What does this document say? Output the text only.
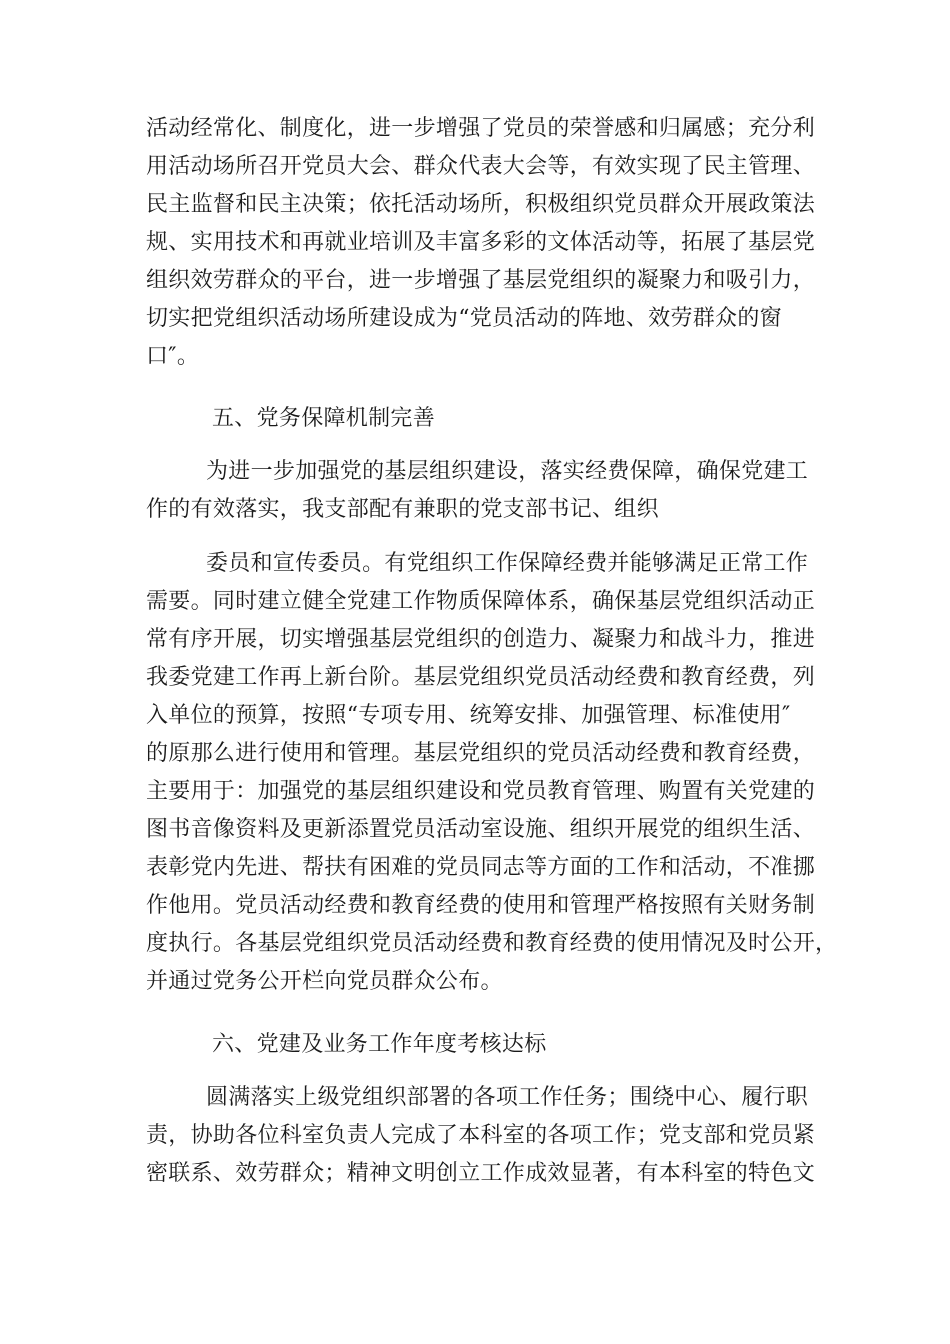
活动经常化、制度化，进一步增强了党员的荣誉感和归属感；充分利
用活动场所召开党员大会、群众代表大会等，有效实现了民主管理、
民主监督和民主决策；依托活动场所，积极组织党员群众开展政策法
规、实用技术和再就业培训及丰富多彩的文体活动等，拓展了基层党
组织效劳群众的平台，进一步增强了基层党组织的凝聚力和吸引力，
切实把党组织活动场所建设成为“党员活动的阵地、效劳群众的窗
口″。
五、党务保障机制完善
为进一步加强党的基层组织建设，落实经费保障，确保党建工
作的有效落实，我支部配有兼职的党支部书记、组织
委员和宣传委员。有党组织工作保障经费并能够满足正常工作
需要。同时建立健全党建工作物质保障体系，确保基层党组织活动正
常有序开展，切实增强基层党组织的创造力、凝聚力和战斗力，推进
我委党建工作再上新台阶。基层党组织党员活动经费和教育经费，列
入单位的预算，按照“专项专用、统筹安排、加强管理、标准使用″
的原那么进行使用和管理。基层党组织的党员活动经费和教育经费，
主要用于：加强党的基层组织建设和党员教育管理、购置有关党建的
图书音像资料及更新添置党员活动室设施、组织开展党的组织生活、
表彰党内先进、帮扶有困难的党员同志等方面的工作和活动，不准挪
作他用。党员活动经费和教育经费的使用和管理严格按照有关财务制
度执行。各基层党组织党员活动经费和教育经费的使用情况及时公开，
并通过党务公开栏向党员群众公布。
六、党建及业务工作年度考核达标
圆满落实上级党组织部署的各项工作任务；围绕中心、履行职
责，协助各位科室负责人完成了本科室的各项工作；党支部和党员紧
密联系、效劳群众；精神文明创立工作成效显著，有本科室的特色文
